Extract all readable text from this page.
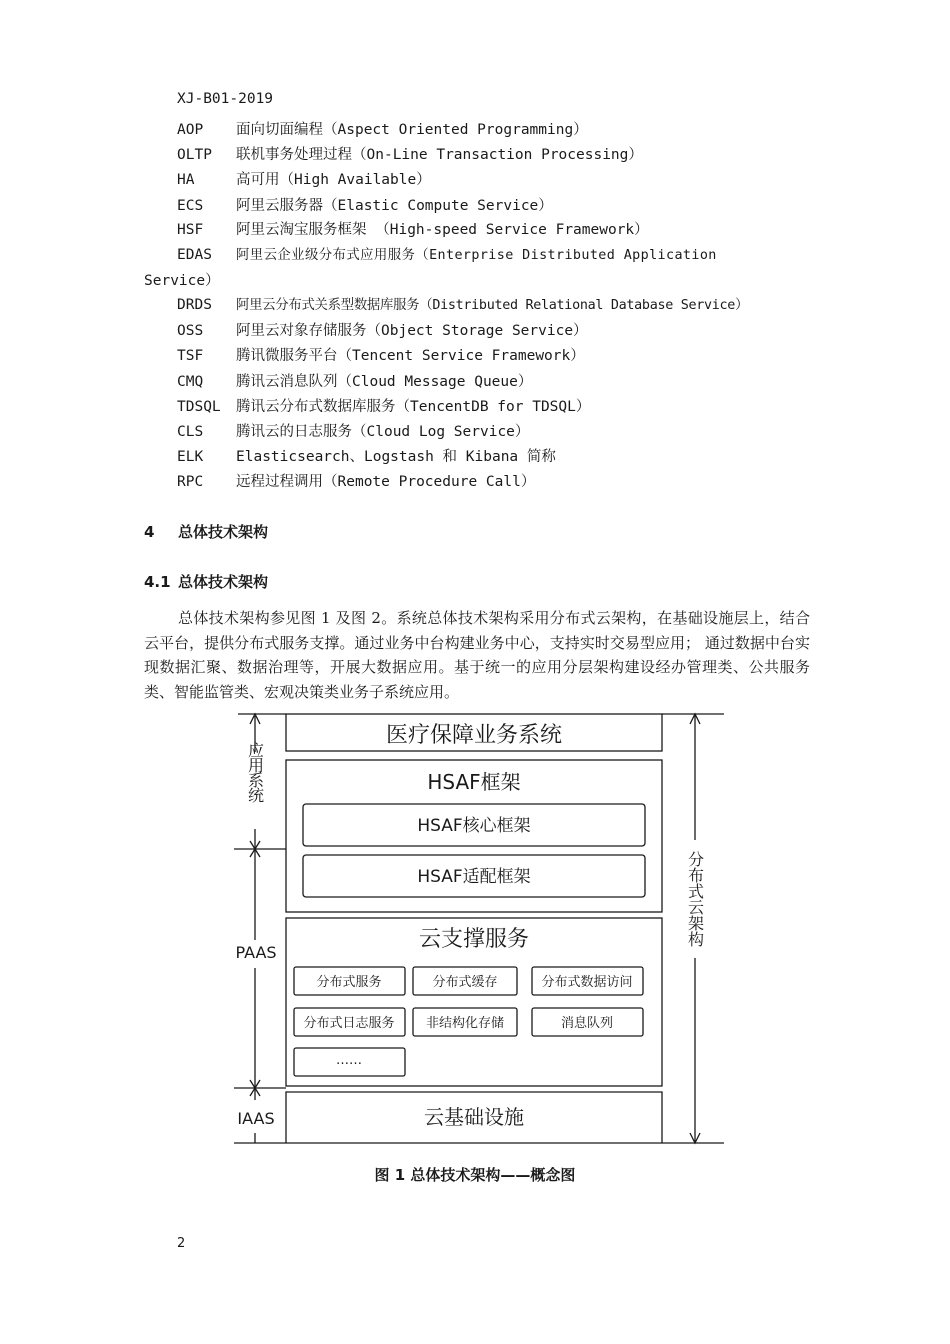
XJ-B01-2019
AOP 面向切面编程（Aspect Oriented Programming）
OLTP 联机事务处理过程（On-Line Transaction Processing）
HA	高可用（High Available）
ECS 阿里云服务器（Elastic Compute Service）
HSF 阿里云淘宝服务框架 （High-speed Service Framework）
EDAS 阿里云企业级分布式应用服务（Enterprise Distributed Application
Service）
DRDS 阿里云分布式关系型数据库服务（Distributed Relational Database Service）
OSS 阿里云对象存储服务（Object Storage Service）
TSF 腾讯微服务平台（Tencent Service Framework）
CMQ 腾讯云消息队列（Cloud Message Queue）
TDSQL 腾讯云分布式数据库服务（TencentDB for TDSQL）
CLS 腾讯云的日志服务（Cloud Log Service）
ELK Elasticsearch、Logstash 和 Kibana 简称
RPC 远程过程调用（Remote Procedure Call）
4 总体技术架构
4.1 总体技术架构
总体技术架构参见图 1 及图 2。系统总体技术架构采用分布式云架构，在基础设施层上，结合云平台，提供分布式服务支撑。通过业务中台构建业务中心，支持实时交易型应用； 通过数据中台实现数据汇聚、数据治理等，开展大数据应用。基于统一的应用分层架构建设经办管理类、公共服务类、智能监管类、宏观决策类业务子系统应用。
医疗保障业务系统
HSAF框架
HSAF核心框架
HSAF适配框架
云支撑服务
分布式服务	分布式缓存	分布式数据访问
分布式日志服务 非结构化存储	消息队列
……
云基础设施
应用系统
PAAS
IAAS
分布式云架构
图 1 总体技术架构——概念图
2
